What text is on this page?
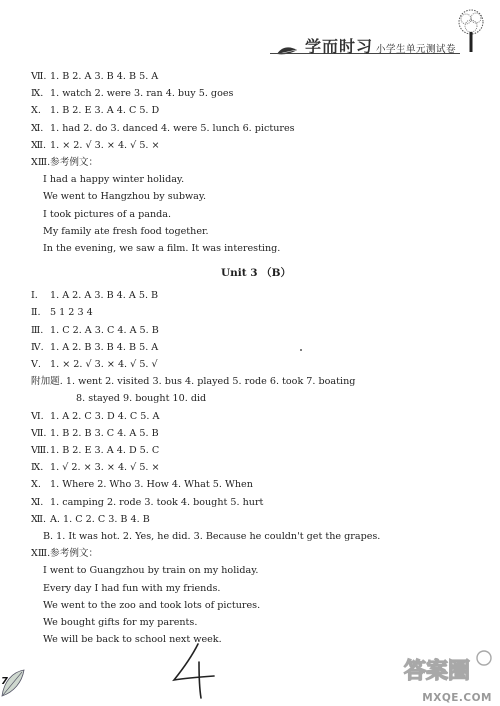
学而时习 小学生单元测试卷

Ⅶ. 1. B 2. A 3. B 4. B 5. A

Ⅸ. 1. watch 2. were 3. ran 4. buy 5. goes

Ⅹ. 1. B 2. E 3. A 4. C 5. D

Ⅺ. 1. had 2. do 3. danced 4. were 5. lunch 6. pictures

Ⅻ. 1. × 2. √ 3. × 4. √ 5. ×

ⅩⅢ.参考例文：

I had a happy winter holiday.

We went to Hangzhou by subway.

I took pictures of a panda.

My family ate fresh food together.

In the evening, we saw a film. It was interesting.

Unit 3 （B）

Ⅰ. 1. A 2. A 3. B 4. A 5. B

Ⅱ. 5 1 2 3 4

Ⅲ. 1. C 2. A 3. C 4. A 5. B

Ⅳ. 1. A 2. B 3. B 4. B 5. A

Ⅴ. 1. × 2. √ 3. × 4. √ 5. √

附加题. 1. went 2. visited 3. bus 4. played 5. rode 6. took 7. boating

8. stayed 9. bought 10. did

Ⅵ. 1. A 2. C 3. D 4. C 5. A

Ⅶ. 1. B 2. B 3. C 4. A 5. B

Ⅷ.1. B 2. E 3. A 4. D 5. C

Ⅸ. 1. √ 2. × 3. × 4. √ 5. ×

Ⅹ. 1. Where 2. Who 3. How 4. What 5. When

Ⅺ. 1. camping 2. rode 3. took 4. bought 5. hurt

Ⅻ. A. 1. C 2. C 3. B 4. B

B. 1. It was hot. 2. Yes, he did. 3. Because he couldn't get the grapes.

ⅩⅢ.参考例文：

I went to Guangzhou by train on my holiday.

Every day I had fun with my friends.

We went to the zoo and took lots of pictures.

We bought gifts for my parents.

We will be back to school next week.

7	答案圈
MXQE.COM
